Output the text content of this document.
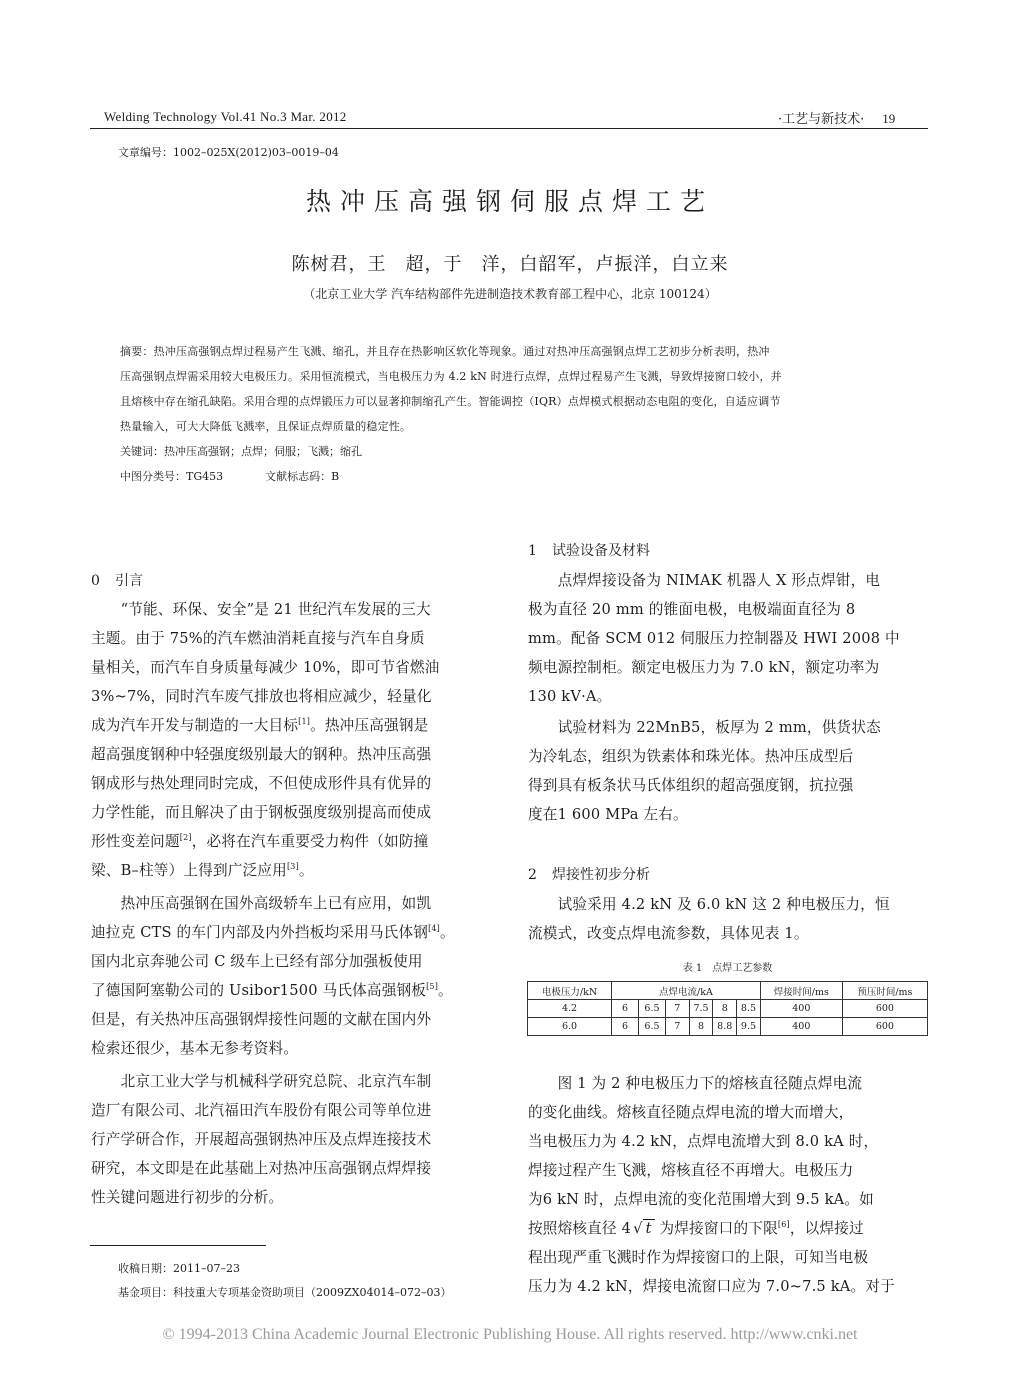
Welding Technology Vol.41 No.3 Mar. 2012	·工艺与新技术· 19
文章编号：1002–025X(2012)03–0019–04
热冲压高强钢伺服点焊工艺
陈树君，王　超，于　洋，白韶军，卢振洋，白立来
（北京工业大学 汽车结构部件先进制造技术教育部工程中心，北京 100124）
摘要：热冲压高强钢点焊过程易产生飞溅、缩孔，并且存在热影响区软化等现象。通过对热冲压高强钢点焊工艺初步分析表明，热冲
压高强钢点焊需采用较大电极压力。采用恒流模式，当电极压力为 4.2 kN 时进行点焊，点焊过程易产生飞溅，导致焊接窗口较小，并
且熔核中存在缩孔缺陷。采用合理的点焊锻压力可以显著抑制缩孔产生。智能调控（IQR）点焊模式根据动态电阻的变化，自适应调节
热量输入，可大大降低飞溅率，且保证点焊质量的稳定性。
关键词：热冲压高强钢；点焊；伺服；飞溅；缩孔
中图分类号：TG453	文献标志码：B
0 引言
　　“节能、环保、安全”是 21 世纪汽车发展的三大
主题。由于 75%的汽车燃油消耗直接与汽车自身质
量相关，而汽车自身质量每减少 10%，即可节省燃油
3%~7%，同时汽车废气排放也将相应减少，轻量化
成为汽车开发与制造的一大目标[1]。热冲压高强钢是
超高强度钢种中轻强度级别最大的钢种。热冲压高强
钢成形与热处理同时完成，不但使成形件具有优异的
力学性能，而且解决了由于钢板强度级别提高而使成
形性变差问题[2]，必将在汽车重要受力构件（如防撞
梁、B–柱等）上得到广泛应用[3]。
　　热冲压高强钢在国外高级轿车上已有应用，如凯
迪拉克 CTS 的车门内部及内外挡板均采用马氏体钢[4]。
国内北京奔驰公司 C 级车上已经有部分加强板使用
了德国阿塞勒公司的 Usibor1500 马氏体高强钢板[5]。
但是，有关热冲压高强钢焊接性问题的文献在国内外
检索还很少，基本无参考资料。
　　北京工业大学与机械科学研究总院、北京汽车制
造厂有限公司、北汽福田汽车股份有限公司等单位进
行产学研合作，开展超高强钢热冲压及点焊连接技术
研究，本文即是在此基础上对热冲压高强钢点焊焊接
性关键问题进行初步的分析。
收稿日期：2011–07–23
基金项目：科技重大专项基金资助项目（2009ZX04014–072–03）
1 试验设备及材料
　　点焊焊接设备为 NIMAK 机器人 X 形点焊钳，电
极为直径 20 mm 的锥面电极，电极端面直径为 8
mm。配备 SCM 012 伺服压力控制器及 HWI 2008 中
频电源控制柜。额定电极压力为 7.0 kN，额定功率为
130 kV·A。
　　试验材料为 22MnB5，板厚为 2 mm，供货状态
为冷轧态，组织为铁素体和珠光体。热冲压成型后
得到具有板条状马氏体组织的超高强度钢，抗拉强
度在1 600 MPa 左右。
2 焊接性初步分析
　　试验采用 4.2 kN 及 6.0 kN 这 2 种电极压力，恒
流模式，改变点焊电流参数，具体见表 1。
表 1　点焊工艺参数
电极压力/kN	点焊电流/kA						焊接时间/ms	预压时间/ms
4.2	6	6.5	7	7.5	8	8.5	400	600
6.0	6	6.5	7	8	8.8	9.5	400	600
　　图 1 为 2 种电极压力下的熔核直径随点焊电流
的变化曲线。熔核直径随点焊电流的增大而增大，
当电极压力为 4.2 kN，点焊电流增大到 8.0 kA 时，
焊接过程产生飞溅，熔核直径不再增大。电极压力
为6 kN 时，点焊电流的变化范围增大到 9.5 kA。如
按照熔核直径 4 √ t 为焊接窗口的下限[6]，以焊接过
程出现严重飞溅时作为焊接窗口的上限，可知当电极
压力为 4.2 kN，焊接电流窗口应为 7.0~7.5 kA。对于
© 1994-2013 China Academic Journal Electronic Publishing House. All rights reserved. http://www.cnki.net
